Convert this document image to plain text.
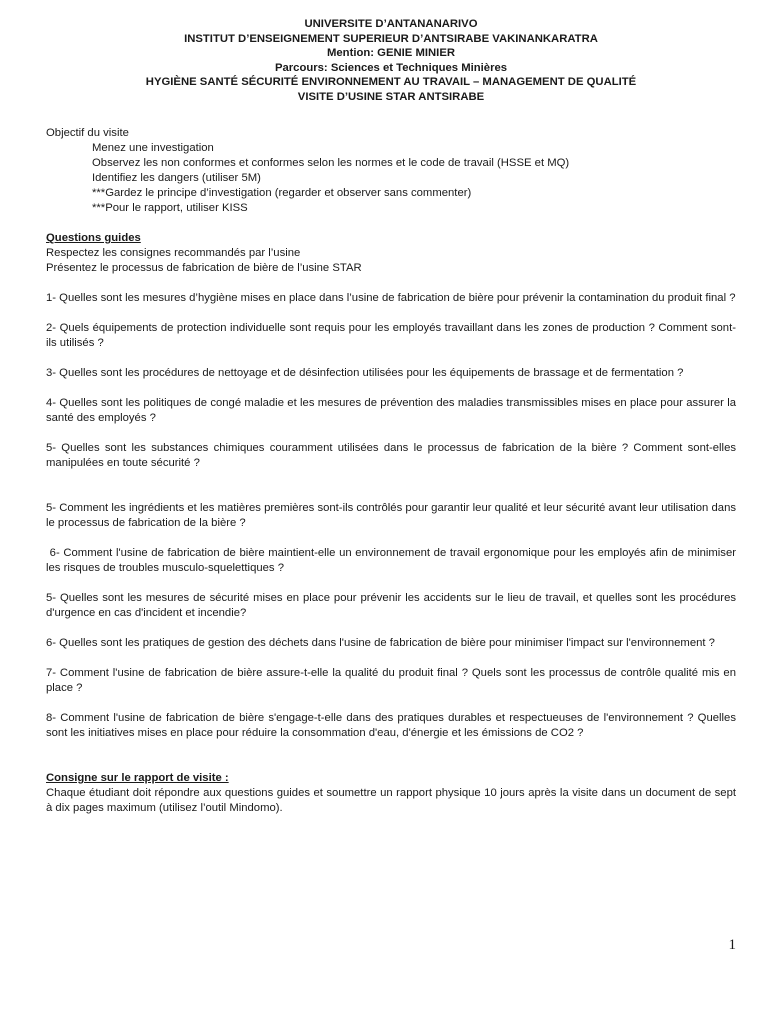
UNIVERSITE D’ANTANANARIVO
INSTITUT D’ENSEIGNEMENT SUPERIEUR D’ANTSIRABE VAKINANKARATRA
Mention: GENIE MINIER
Parcours: Sciences et Techniques Minières
HYGIÈNE SANTÉ SÉCURITÉ ENVIRONNEMENT AU TRAVAIL – MANAGEMENT DE QUALITÉ
VISITE D’USINE STAR ANTSIRABE
Objectif du visite
Menez une investigation
Observez les non conformes et conformes selon les normes et le code de travail (HSSE et MQ)
Identifiez les dangers (utiliser 5M)
***Gardez le principe d’investigation (regarder et observer sans commenter)
***Pour le rapport, utiliser KISS
Questions guides
Respectez les consignes recommandés par l’usine
Présentez le processus de fabrication de bière de l’usine STAR

1- Quelles sont les mesures d’hygiène mises en place dans l’usine de fabrication de bière pour prévenir la contamination du produit final ?

2- Quels équipements de protection individuelle sont requis pour les employés travaillant dans les zones de production ? Comment sont-ils utilisés ?

3- Quelles sont les procédures de nettoyage et de désinfection utilisées pour les équipements de brassage et de fermentation ?

4- Quelles sont les politiques de congé maladie et les mesures de prévention des maladies transmissibles mises en place pour assurer la santé des employés ?

5- Quelles sont les substances chimiques couramment utilisées dans le processus de fabrication de la bière ? Comment sont-elles manipulées en toute sécurité ?

5- Comment les ingrédients et les matières premières sont-ils contrôlés pour garantir leur qualité et leur sécurité avant leur utilisation dans le processus de fabrication de la bière ?

6- Comment l'usine de fabrication de bière maintient-elle un environnement de travail ergonomique pour les employés afin de minimiser les risques de troubles musculo-squelettiques ?

5- Quelles sont les mesures de sécurité mises en place pour prévenir les accidents sur le lieu de travail, et quelles sont les procédures d'urgence en cas d'incident et incendie?

6- Quelles sont les pratiques de gestion des déchets dans l'usine de fabrication de bière pour minimiser l'impact sur l'environnement ?

7- Comment l'usine de fabrication de bière assure-t-elle la qualité du produit final ? Quels sont les processus de contrôle qualité mis en place ?

8- Comment l'usine de fabrication de bière s'engage-t-elle dans des pratiques durables et respectueuses de l'environnement ? Quelles sont les initiatives mises en place pour réduire la consommation d'eau, d'énergie et les émissions de CO2 ?

Consigne sur le rapport de visite :

Chaque étudiant doit répondre aux questions guides et soumettre un rapport physique 10 jours après la visite dans un document de sept à dix pages maximum (utilisez l’outil Mindomo).

1
